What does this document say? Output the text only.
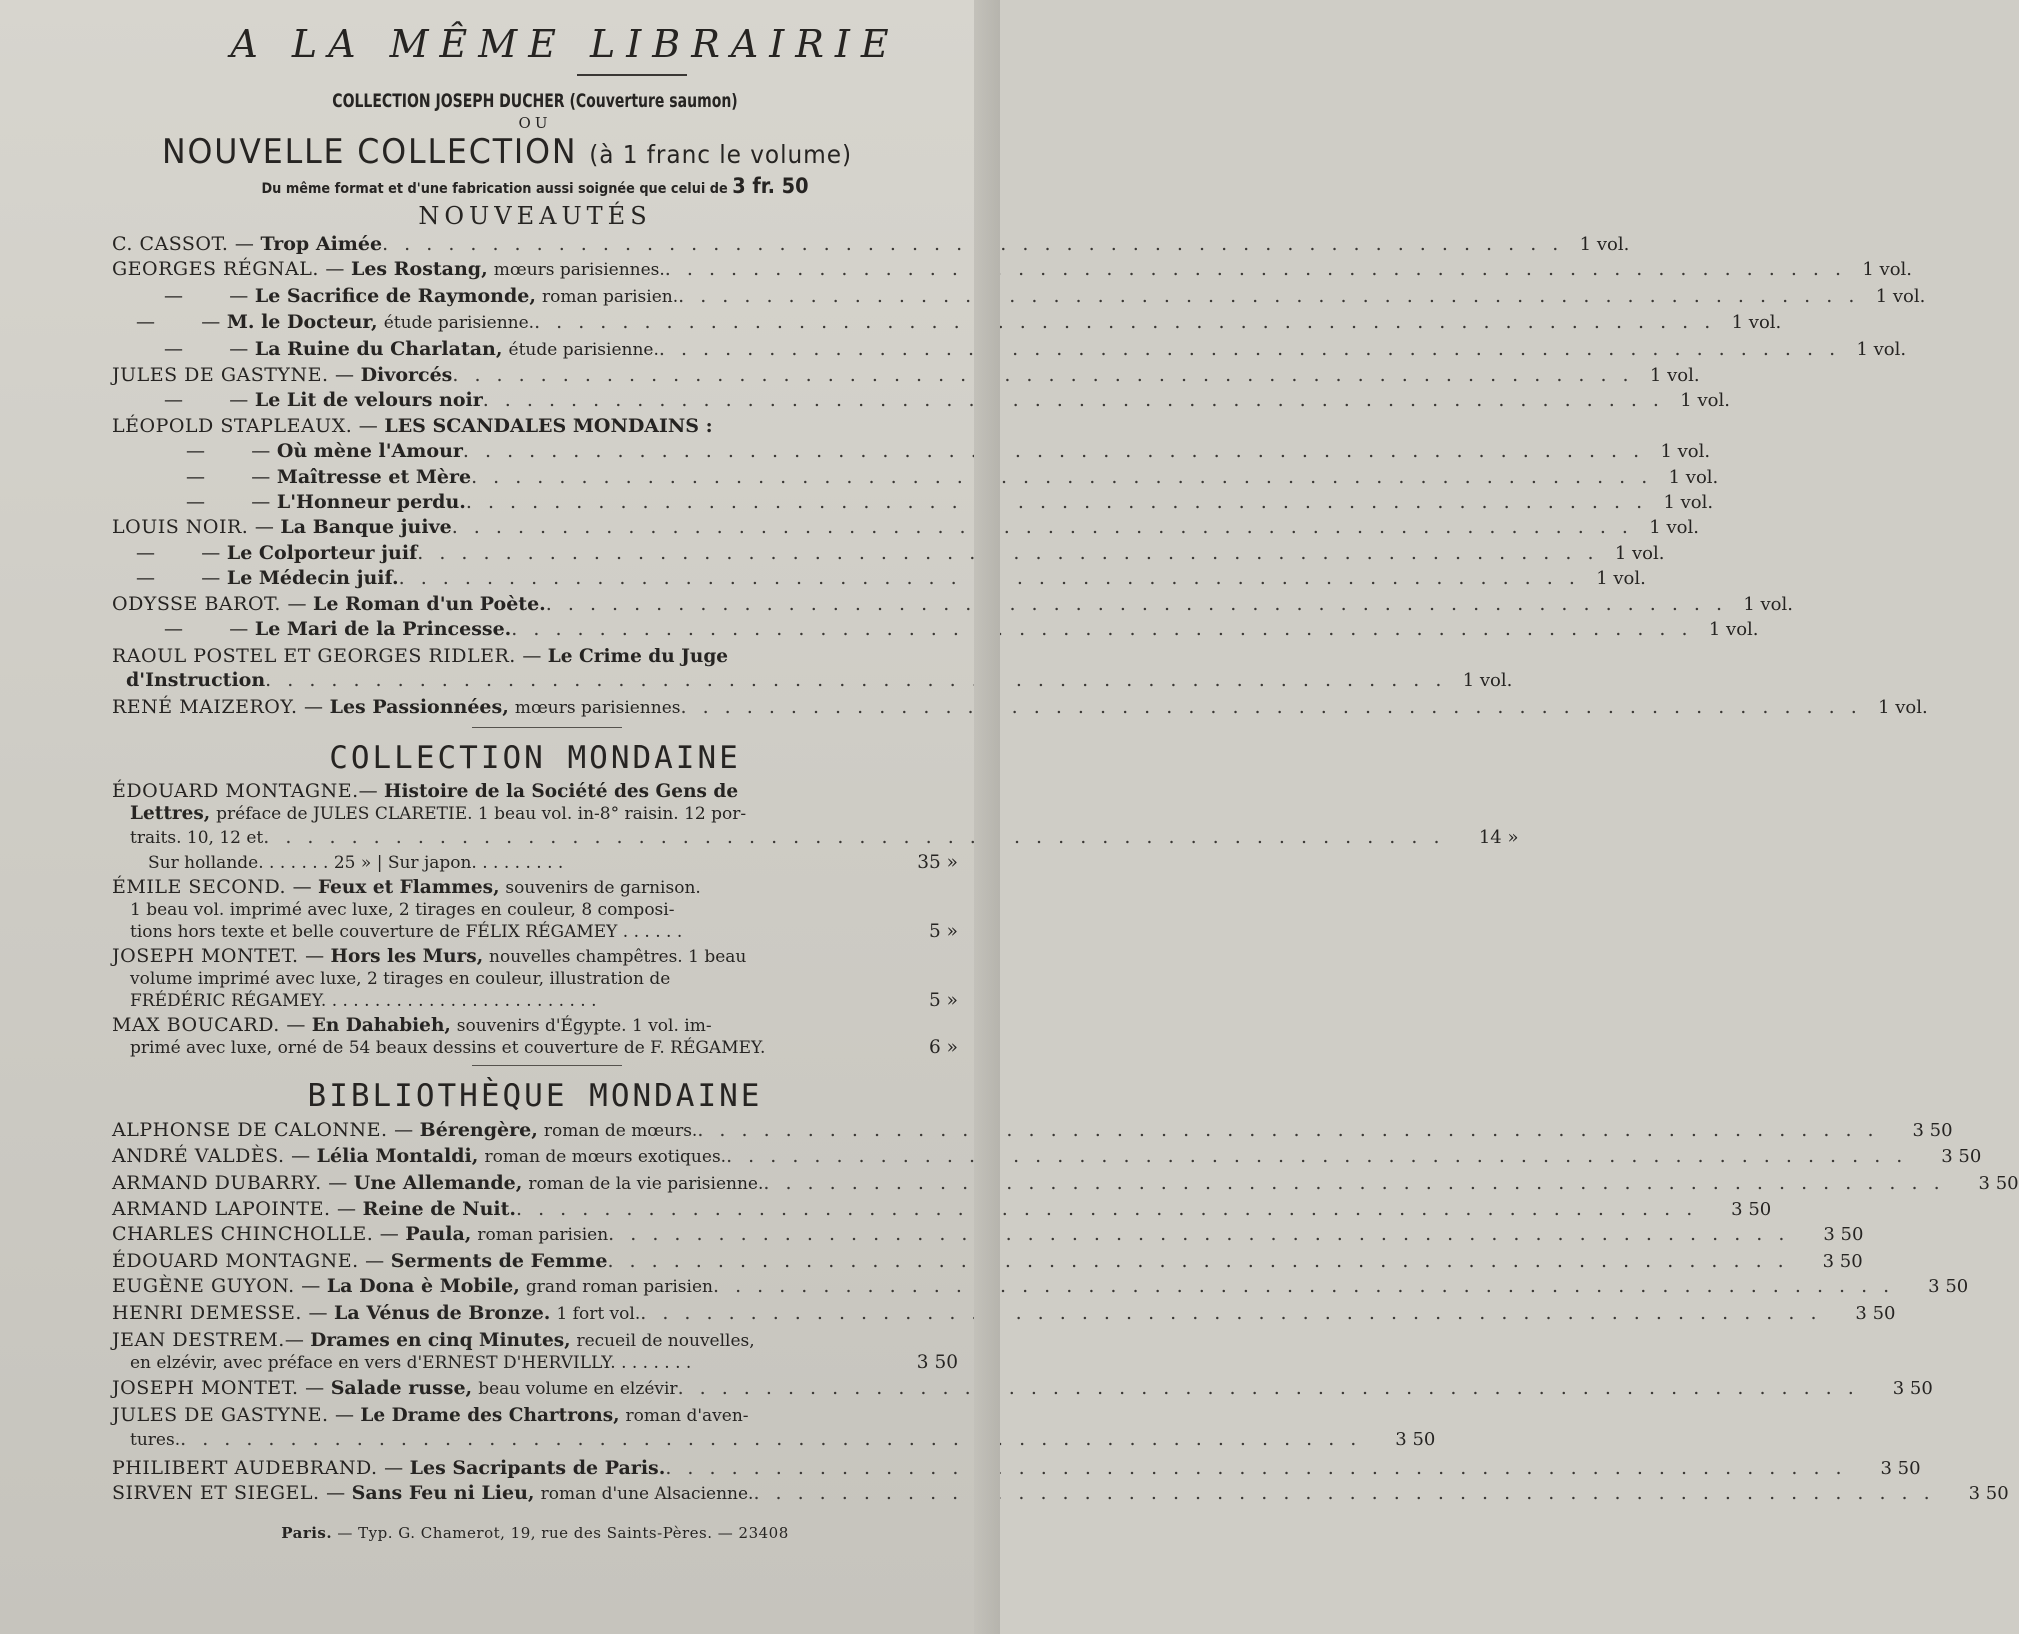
A LA MÊME LIBRAIRIE
COLLECTION JOSEPH DUCHER (Couverture saumon)
OU
NOUVELLE COLLECTION (à 1 franc le volume)
Du même format et d'une fabrication aussi soignée que celui de 3 fr. 50
NOUVEAUTÉS
C. CASSOT. — Trop Aimée . . .	1 vol.
GEORGES RÉGNAL. — Les Rostang, mœurs parisiennes. . . .	1 vol.
—       — Le Sacrifice de Raymonde, roman parisien. . . .	1 vol.
—       — M. le Docteur, étude parisienne. . . .	1 vol.
—       — La Ruine du Charlatan, étude parisienne. . . .	1 vol.
JULES DE GASTYNE. — Divorcés . . .	1 vol.
—       — Le Lit de velours noir . . .	1 vol.
LÉOPOLD STAPLEAUX. — LES SCANDALES MONDAINS :
—       — Où mène l'Amour . . .	1 vol.
—       — Maîtresse et Mère . . .	1 vol.
—       — L'Honneur perdu. . . .	1 vol.
LOUIS NOIR. — La Banque juive . . .	1 vol.
—       — Le Colporteur juif . . .	1 vol.
—       — Le Médecin juif. . . .	1 vol.
ODYSSE BAROT. — Le Roman d'un Poète. . . .	1 vol.
—       — Le Mari de la Princesse. . . .	1 vol.
RAOUL POSTEL ET GEORGES RIDLER. — Le Crime du Juge
d'Instruction . . .	1 vol.
RENÉ MAIZEROY. — Les Passionnées, mœurs parisiennes . . .	1 vol.
COLLECTION MONDAINE
ÉDOUARD MONTAGNE.— Histoire de la Société des Gens de
Lettres, préface de JULES CLARETIE. 1 beau vol. in-8° raisin. 12 por-
traits. 10, 12 et . . .	14 »
Sur hollande. . . . . . . 25 » | Sur japon. . . . . . . . .	35 »
ÉMILE SECOND. — Feux et Flammes, souvenirs de garnison.
1 beau vol. imprimé avec luxe, 2 tirages en couleur, 8 composi-
tions hors texte et belle couverture de FÉLIX RÉGAMEY . . . . . .	5 »
JOSEPH MONTET. — Hors les Murs, nouvelles champêtres. 1 beau
volume imprimé avec luxe, 2 tirages en couleur, illustration de
FRÉDÉRIC RÉGAMEY. . . . . . . . . . . . . . . . . . . . . . . . . .	5 »
MAX BOUCARD. — En Dahabieh, souvenirs d'Égypte. 1 vol. im-
primé avec luxe, orné de 54 beaux dessins et couverture de F. RÉGAMEY.	6 »
BIBLIOTHÈQUE MONDAINE
ALPHONSE DE CALONNE. — Bérengère, roman de mœurs. . . .	3 50
ANDRÉ VALDÈS. — Lélia Montaldi, roman de mœurs exotiques. . . .	3 50
ARMAND DUBARRY. — Une Allemande, roman de la vie parisienne. . . .	3 50
ARMAND LAPOINTE. — Reine de Nuit. . . .	3 50
CHARLES CHINCHOLLE. — Paula, roman parisien . . .	3 50
ÉDOUARD MONTAGNE. — Serments de Femme . . .	3 50
EUGÈNE GUYON. — La Dona è Mobile, grand roman parisien . . .	3 50
HENRI DEMESSE. — La Vénus de Bronze. 1 fort vol. . . .	3 50
JEAN DESTREM.— Drames en cinq Minutes, recueil de nouvelles,
en elzévir, avec préface en vers d'ERNEST D'HERVILLY. . . . . . . .	3 50
JOSEPH MONTET. — Salade russe, beau volume en elzévir . . .	3 50
JULES DE GASTYNE. — Le Drame des Chartrons, roman d'aven-
tures. . . .	3 50
PHILIBERT AUDEBRAND. — Les Sacripants de Paris. . . .	3 50
SIRVEN ET SIEGEL. — Sans Feu ni Lieu, roman d'une Alsacienne. . . .	3 50
Paris. — Typ. G. Chamerot, 19, rue des Saints-Pères. — 23408
